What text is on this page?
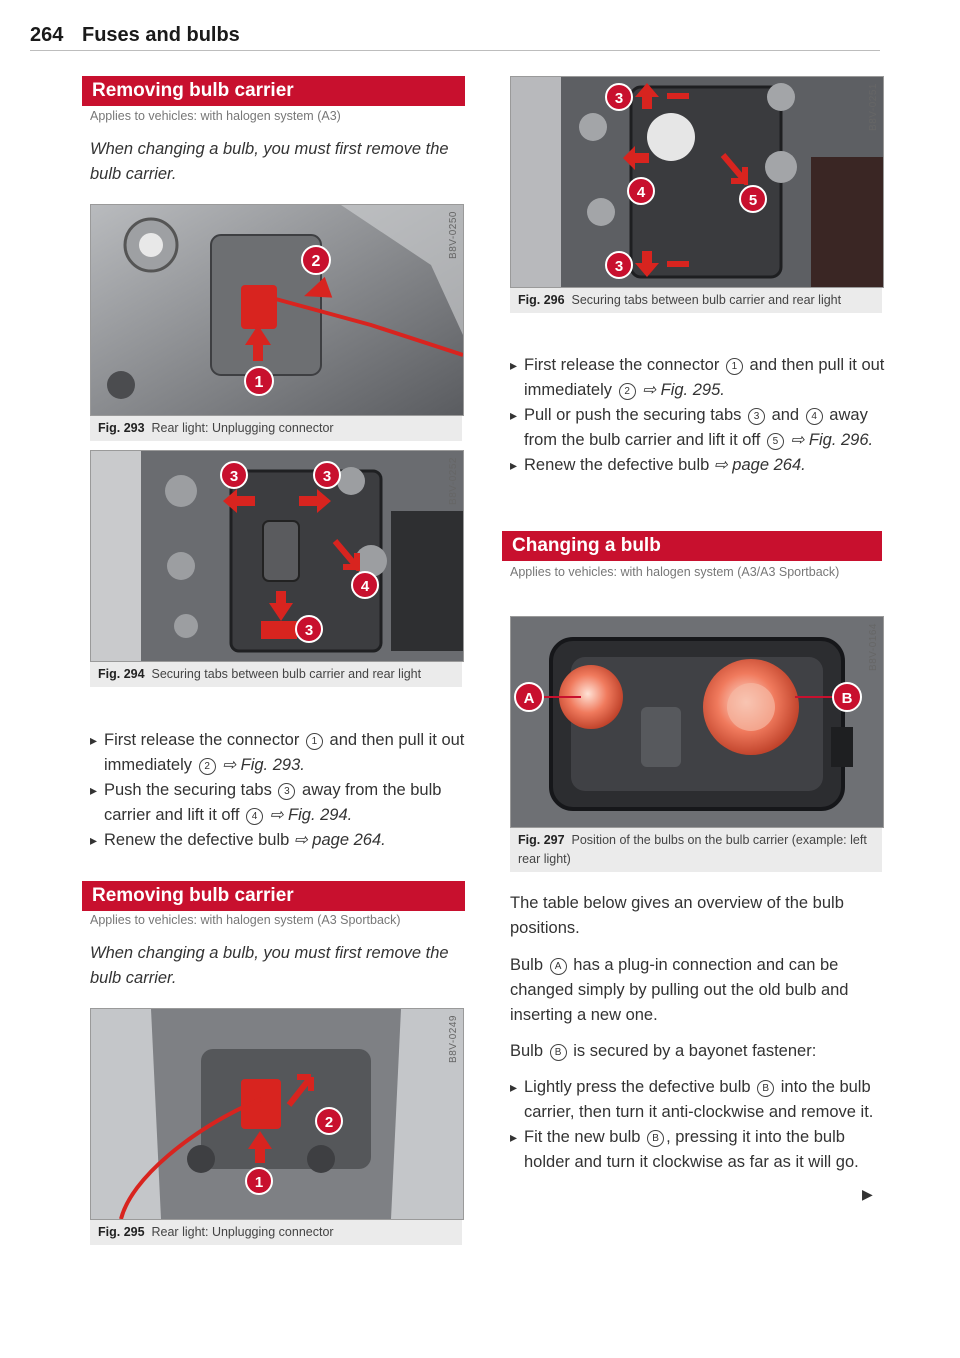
264 Fuses and bulbs
Removing bulb carrier
Applies to vehicles: with halogen system (A3)
When changing a bulb, you must first remove the bulb carrier.
B8V-0250
2
1
Fig. 293 Rear light: Unplugging connector
B8V-0252
3	3
4
3
Fig. 294 Securing tabs between bulb carrier and rear light
▸ First release the connector 1 and then pull it out immediately 2 ⇨ Fig. 293.
▸ Push the securing tabs 3 away from the bulb carrier and lift it off 4 ⇨ Fig. 294.
▸ Renew the defective bulb ⇨ page 264.
Removing bulb carrier
Applies to vehicles: with halogen system (A3 Sportback)
When changing a bulb, you must first remove the bulb carrier.
B8V-0249
2
1
Fig. 295 Rear light: Unplugging connector
B8V-0251
3
4	5
3
Fig. 296 Securing tabs between bulb carrier and rear light
▸ First release the connector 1 and then pull it out immediately 2 ⇨ Fig. 295.
▸ Pull or push the securing tabs 3 and 4 away from the bulb carrier and lift it off 5 ⇨ Fig. 296.
▸ Renew the defective bulb ⇨ page 264.
Changing a bulb
Applies to vehicles: with halogen system (A3/A3 Sportback)
B8V-0164
A	B
Fig. 297 Position of the bulbs on the bulb carrier (example: left rear light)
The table below gives an overview of the bulb positions.
Bulb A has a plug-in connection and can be changed simply by pulling out the old bulb and inserting a new one.
Bulb B is secured by a bayonet fastener:
▸ Lightly press the defective bulb B into the bulb carrier, then turn it anti-clockwise and remove it.
▸ Fit the new bulb B , pressing it into the bulb holder and turn it clockwise as far as it will go.
▶
